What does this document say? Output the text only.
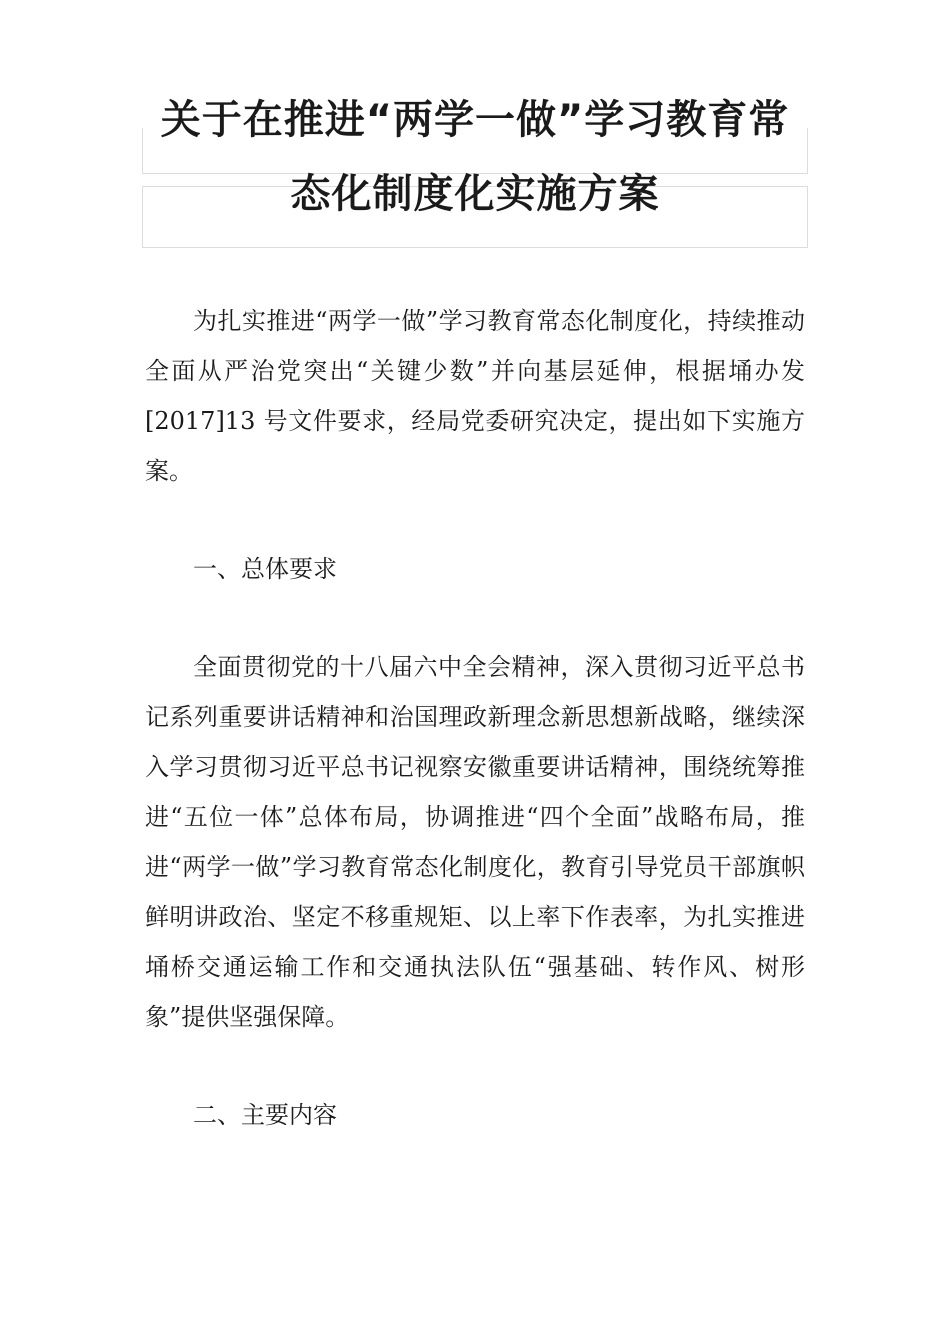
关于在推进“两学一做”学习教育常
态化制度化实施方案

为扎实推进“两学一做”学习教育常态化制度化，持续推动全面从严治党突出“关键少数”并向基层延伸，根据埇办发[2017]13 号文件要求，经局党委研究决定，提出如下实施方案。

一、总体要求

全面贯彻党的十八届六中全会精神，深入贯彻习近平总书记系列重要讲话精神和治国理政新理念新思想新战略，继续深入学习贯彻习近平总书记视察安徽重要讲话精神，围绕统筹推进“五位一体”总体布局，协调推进“四个全面”战略布局，推进“两学一做”学习教育常态化制度化，教育引导党员干部旗帜鲜明讲政治、坚定不移重规矩、以上率下作表率，为扎实推进埇桥交通运输工作和交通执法队伍“强基础、转作风、树形象”提供坚强保障。

二、主要内容
